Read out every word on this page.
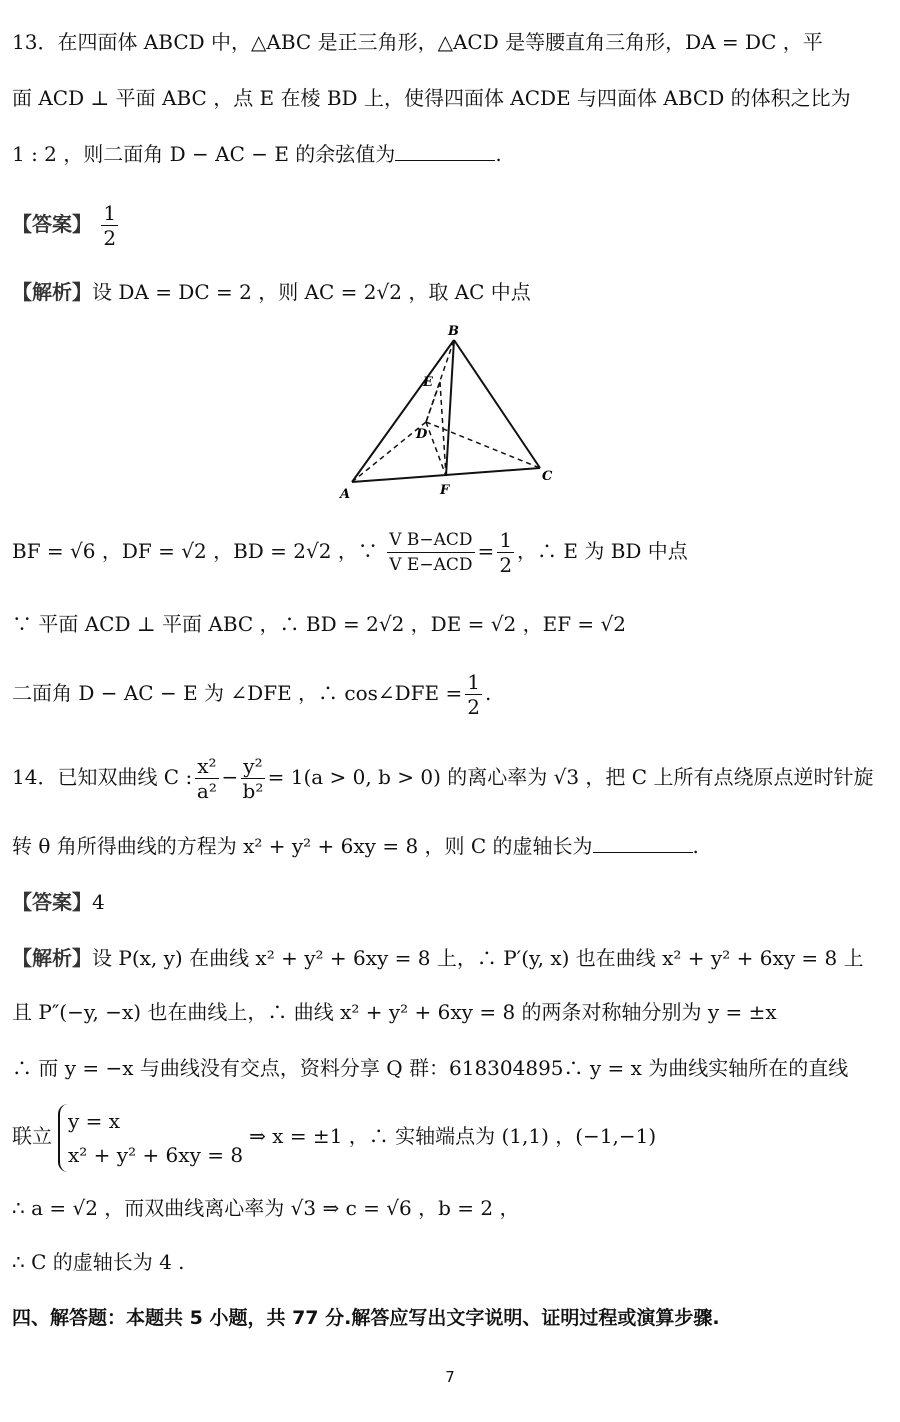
13．在四面体 ABCD 中，△ABC 是正三角形，△ACD 是等腰直角三角形，DA = DC ，平
面 ACD ⊥ 平面 ABC ，点 E 在棱 BD 上，使得四面体 ACDE 与四面体 ABCD 的体积之比为
1 : 2 ，则二面角 D − AC − E 的余弦值为	.
【答案】 $\frac{1}{2}$
【解析】设 DA = DC = 2 ，则 AC = 2√2 ，取 AC 中点
B
E
D
C
A	F
BF = √6 ，DF = √2 ，BD = 2√2 ，∵ $\frac{\text{V B−ACD}}{\text{V E−ACD}} = \frac{1}{2}$ ，∴ E 为 BD 中点
∵ 平面 ACD ⊥ 平面 ABC ，∴ BD = 2√2 ，DE = √2 ，EF = √2
二面角 D − AC − E 为 ∠DFE ，∴ cos∠DFE = $\frac{1}{2}$ .
14．已知双曲线 C : $\frac{\text{x²}}{\text{a²}} - \frac{\text{y²}}{\text{b²}} = 1(a > 0$, b > 0) 的离心率为 √3 ，把 C 上所有点绕原点逆时针旋
转 θ 角所得曲线的方程为 x² + y² + 6xy = 8 ，则 C 的虚轴长为	.
【答案】4
【解析】设 P(x, y) 在曲线 x² + y² + 6xy = 8 上，∴ P′(y, x) 也在曲线 x² + y² + 6xy = 8 上
且 P″(−y, −x) 也在曲线上，∴ 曲线 x² + y² + 6xy = 8 的两条对称轴分别为 y = ±x
∴ 而 y = −x 与曲线没有交点，资料分享 Q 群：618304895∴ y = x 为曲线实轴所在的直线
联立
y = x
x² + y² + 6xy = 8
⇒ x = ±1 ，∴ 实轴端点为 (1,1) ，(−1,−1)
∴ a = √2 ，而双曲线离心率为 √3 ⇒ c = √6 ，b = 2 ，
∴ C 的虚轴长为 4 .
四、解答题：本题共 5 小题，共 77 分.解答应写出文字说明、证明过程或演算步骤.
7
